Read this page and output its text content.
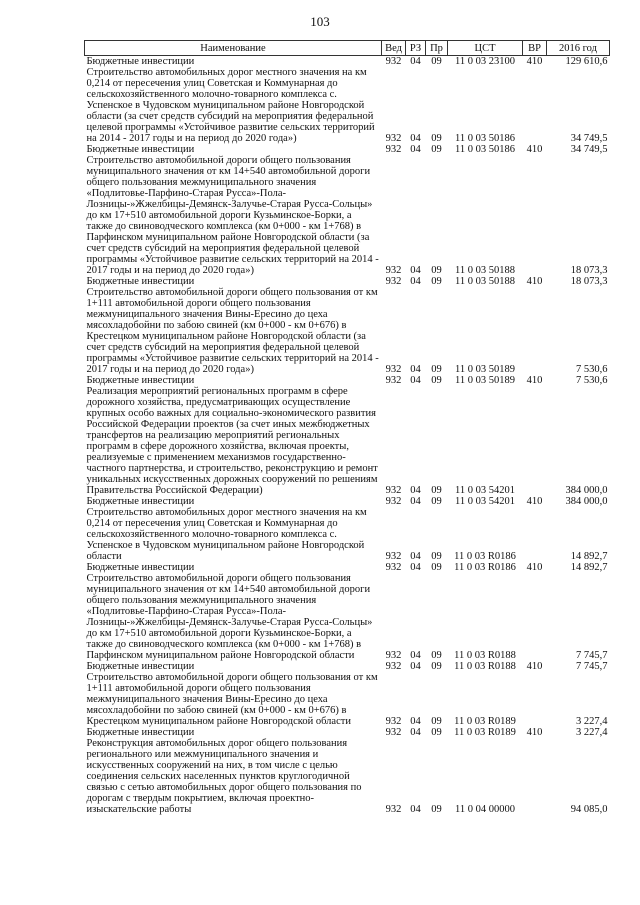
103
Наименование	Вед	РЗ	Пр	ЦСТ	ВР	2016 год
Бюджетные инвестиции	932	04	09	11 0 03 23100	410	129 610,6
Строительство автомобильных дорог местного значения на км 0,214 от пересечения улиц Советская и Коммунарная до сельскохозяйственного молочно-товарного комплекса с. Успенское в Чудовском муниципальном районе Новгородской области (за счет средств субсидий на мероприятия федеральной целевой программы «Устойчивое развитие сельских территорий на 2014 - 2017 годы и на период до 2020 года»)	932	04	09	11 0 03 50186		34 749,5
Бюджетные инвестиции	932	04	09	11 0 03 50186	410	34 749,5
Строительство автомобильной дороги общего пользования муниципального значения от км 14+540 автомобильной дороги общего пользования межмуниципального значения «Подлитовье-Парфино-Старая Русса»-Пола-Лозницы-»Жжелбицы-Демянск-Залучье-Старая Русса-Сольцы» до км 17+510 автомобильной дороги Кузьминское-Борки, а также до свиноводческого комплекса (км 0+000 - км 1+768) в Парфинском муниципальном районе Новгородской области (за счет средств субсидий на мероприятия федеральной целевой программы «Устойчивое развитие сельских территорий на 2014 - 2017 годы и на период до 2020 года»)	932	04	09	11 0 03 50188		18 073,3
Бюджетные инвестиции	932	04	09	11 0 03 50188	410	18 073,3
Строительство автомобильной дороги общего пользования от км 1+111 автомобильной дороги общего пользования межмуниципального значения Вины-Ересино до цеха мясохладобойни по забою свиней (км 0+000 - км 0+676) в Крестецком муниципальном районе Новгородской области (за счет средств субсидий на мероприятия федеральной целевой программы «Устойчивое развитие сельских территорий на 2014 - 2017 годы и на период до 2020 года»)	932	04	09	11 0 03 50189		7 530,6
Бюджетные инвестиции	932	04	09	11 0 03 50189	410	7 530,6
Реализация мероприятий региональных программ в сфере дорожного хозяйства, предусматривающих осуществление крупных особо важных для социально-экономического развития Российской Федерации проектов (за счет иных межбюджетных трансфертов на реализацию мероприятий региональных программ в сфере дорожного хозяйства, включая проекты, реализуемые с применением механизмов государственно-частного партнерства, и строительство, реконструкцию и ремонт уникальных искусственных дорожных сооружений по решениям Правительства Российской Федерации)	932	04	09	11 0 03 54201		384 000,0
Бюджетные инвестиции	932	04	09	11 0 03 54201	410	384 000,0
Строительство автомобильных дорог местного значения на км 0,214 от пересечения улиц Советская и Коммунарная до сельскохозяйственного молочно-товарного комплекса с. Успенское в Чудовском муниципальном районе Новгородской области	932	04	09	11 0 03 R0186		14 892,7
Бюджетные инвестиции	932	04	09	11 0 03 R0186	410	14 892,7
Строительство автомобильной дороги общего пользования муниципального значения от км 14+540 автомобильной дороги общего пользования межмуниципального значения «Подлитовье-Парфино-Старая Русса»-Пола-Лозницы-»Жжелбицы-Демянск-Залучье-Старая Русса-Сольцы» до км 17+510 автомобильной дороги Кузьминское-Борки, а также до свиноводческого комплекса (км 0+000 - км 1+768) в Парфинском муниципальном районе Новгородской области	932	04	09	11 0 03 R0188		7 745,7
Бюджетные инвестиции	932	04	09	11 0 03 R0188	410	7 745,7
Строительство автомобильной дороги общего пользования от км 1+111 автомобильной дороги общего пользования межмуниципального значения Вины-Ересино до цеха мясохладобойни по забою свиней (км 0+000 - км 0+676) в Крестецком муниципальном районе Новгородской области	932	04	09	11 0 03 R0189		3 227,4
Бюджетные инвестиции	932	04	09	11 0 03 R0189	410	3 227,4
Реконструкция автомобильных дорог общего пользования регионального или межмуниципального значения и искусственных сооружений на них, в том числе с целью соединения сельских населенных пунктов круглогодичной связью с сетью автомобильных дорог общего пользования по дорогам с твердым покрытием, включая проектно-изыскательские работы	932	04	09	11 0 04 00000		94 085,0
